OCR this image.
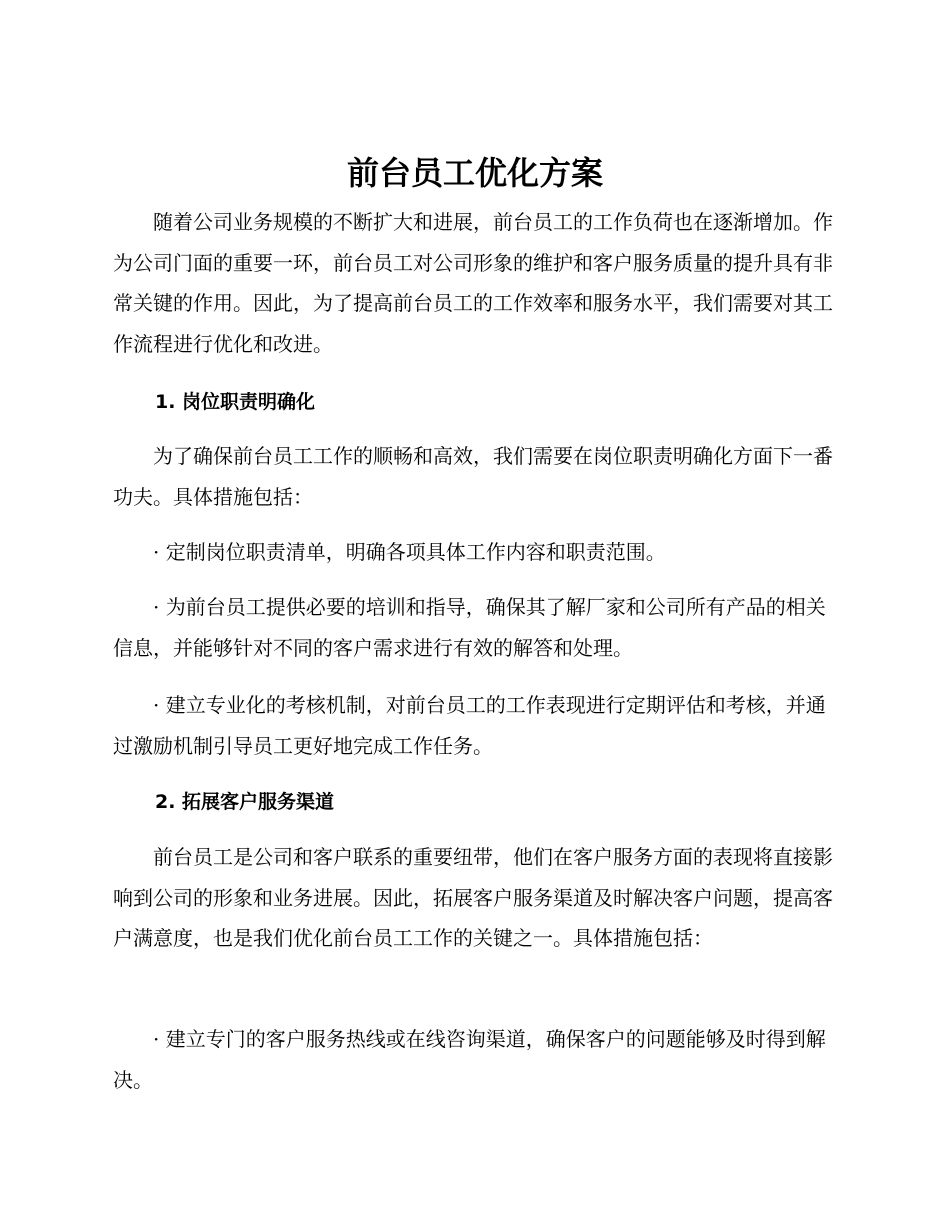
前台员工优化方案

随着公司业务规模的不断扩大和进展，前台员工的工作负荷也在逐渐增加。作为公司门面的重要一环，前台员工对公司形象的维护和客户服务质量的提升具有非常关键的作用。因此，为了提高前台员工的工作效率和服务水平，我们需要对其工作流程进行优化和改进。

1. 岗位职责明确化

为了确保前台员工工作的顺畅和高效，我们需要在岗位职责明确化方面下一番功夫。具体措施包括：

· 定制岗位职责清单，明确各项具体工作内容和职责范围。

· 为前台员工提供必要的培训和指导，确保其了解厂家和公司所有产品的相关信息，并能够针对不同的客户需求进行有效的解答和处理。

· 建立专业化的考核机制，对前台员工的工作表现进行定期评估和考核，并通过激励机制引导员工更好地完成工作任务。

2. 拓展客户服务渠道

前台员工是公司和客户联系的重要纽带，他们在客户服务方面的表现将直接影响到公司的形象和业务进展。因此，拓展客户服务渠道及时解决客户问题，提高客户满意度，也是我们优化前台员工工作的关键之一。具体措施包括：

· 建立专门的客户服务热线或在线咨询渠道，确保客户的问题能够及时得到解决。
